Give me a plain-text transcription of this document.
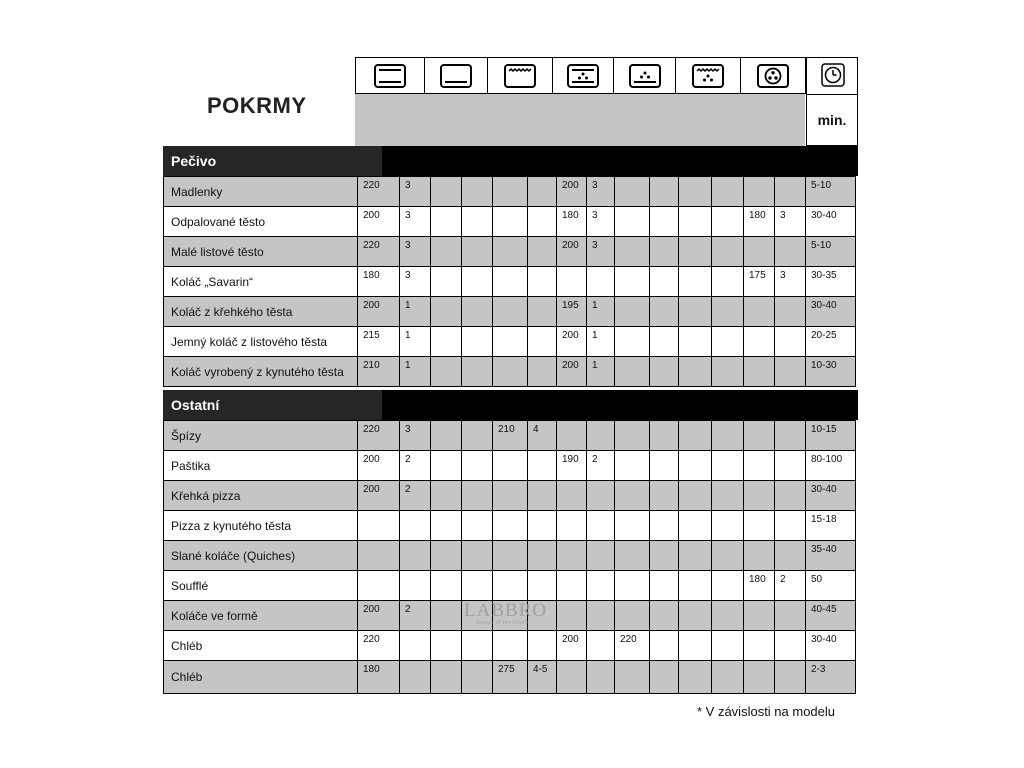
POKRMY
min.
Pečivo
Madlenky	220	3					200	3							5-10
Odpalované těsto	200	3					180	3					180	3	30-40
Malé listové těsto	220	3					200	3							5-10
Koláč „Savarin“	180	3											175	3	30-35
Koláč z křehkého těsta	200	1					195	1							30-40
Jemný koláč z listového těsta	215	1					200	1							20-25
Koláč vyrobený z kynutého těsta	210	1					200	1							10-30
Ostatní
Špízy	220	3			210	4									10-15
Paštika	200	2					190	2							80-100
Křehká pizza	200	2													30-40
Pizza z kynutého těsta															15-18
Slané koláče (Quiches)															35-40
Soufflé													180	2	50
Koláče ve formě	200	2													40-45
Chléb	220						200		220						30-40
Chléb	180				275	4-5									2-3
LABBRO
design of the future
* V závislosti na modelu
